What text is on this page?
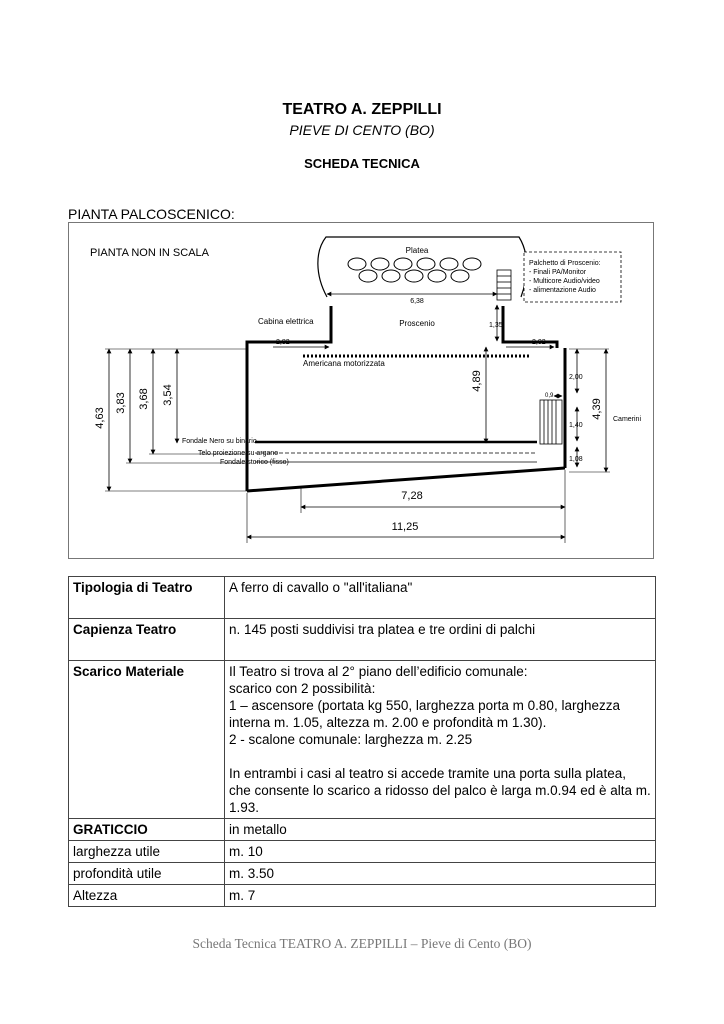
TEATRO A. ZEPPILLI
PIEVE DI CENTO (BO)
SCHEDA TECNICA
PIANTA PALCOSCENICO:
PIANTA NON IN SCALA	Platea
Palchetto di Proscenio:
- Finali PA/Monitor
- Multicore Audio/video
- alimentazione Audio
6,38
Cabina elettrica	Proscenio	1,35
2,82	2,02
Americana motorizzata
4,89
Fondale Nero su binario
Telo proiezione su argano
Fondale storico (fisso)
4,63
3,83 3,68 3,54
2,00
1,40
1,08
4,39 Camerini
0,9
7,28
11,25
Tipologia di Teatro	A ferro di cavallo o "all'italiana"
Capienza Teatro	n. 145 posti suddivisi tra platea e tre ordini di palchi
Scarico Materiale	Il Teatro si trova al 2° piano dell’edificio comunale:
scarico con 2 possibilità:
1 – ascensore (portata kg 550, larghezza porta m 0.80, larghezza interna m. 1.05, altezza m. 2.00 e profondità m 1.30).
2 - scalone comunale: larghezza m. 2.25

In entrambi i casi al teatro si accede tramite una porta sulla platea, che consente lo scarico a ridosso del palco è larga m.0.94 ed è alta m. 1.93.
GRATICCIO	in metallo
larghezza utile	m. 10
profondità utile	m. 3.50
Altezza	m. 7
Scheda Tecnica TEATRO A. ZEPPILLI – Pieve di Cento (BO)
